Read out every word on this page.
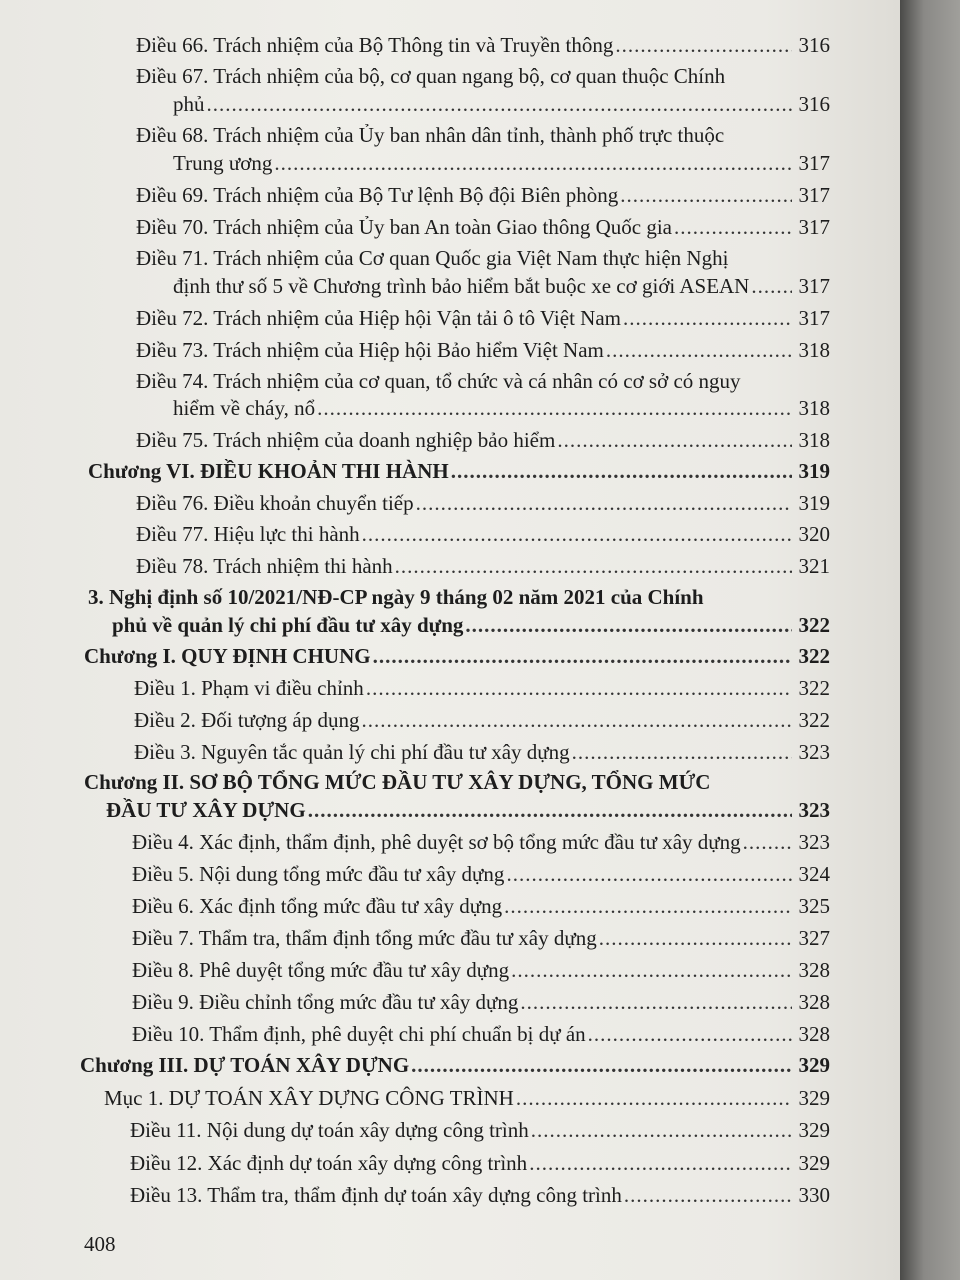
Điều 66. Trách nhiệm của Bộ Thông tin và Truyền thông .....	316
Điều 67. Trách nhiệm của bộ, cơ quan ngang bộ, cơ quan thuộc Chính
phủ .....	316
Điều 68. Trách nhiệm của Ủy ban nhân dân tỉnh, thành phố trực thuộc
Trung ương .....	317
Điều 69. Trách nhiệm của Bộ Tư lệnh Bộ đội Biên phòng .....	317
Điều 70. Trách nhiệm của Ủy ban An toàn Giao thông Quốc gia .....	317
Điều 71. Trách nhiệm của Cơ quan Quốc gia Việt Nam thực hiện Nghị
định thư số 5 về Chương trình bảo hiểm bắt buộc xe cơ giới ASEAN ..... 317
Điều 72. Trách nhiệm của Hiệp hội Vận tải ô tô Việt Nam .....	317
Điều 73. Trách nhiệm của Hiệp hội Bảo hiểm Việt Nam .....	318
Điều 74. Trách nhiệm của cơ quan, tổ chức và cá nhân có cơ sở có nguy
hiểm về cháy, nổ .....	318
Điều 75. Trách nhiệm của doanh nghiệp bảo hiểm .....	318
Chương VI. ĐIỀU KHOẢN THI HÀNH .....	319
Điều 76. Điều khoản chuyển tiếp .....	319
Điều 77. Hiệu lực thi hành .....	320
Điều 78. Trách nhiệm thi hành .....	321
3. Nghị định số 10/2021/NĐ-CP ngày 9 tháng 02 năm 2021 của Chính
phủ về quản lý chi phí đầu tư xây dựng .....	322
Chương I. QUY ĐỊNH CHUNG .....	322
Điều 1. Phạm vi điều chỉnh .....	322
Điều 2. Đối tượng áp dụng .....	322
Điều 3. Nguyên tắc quản lý chi phí đầu tư xây dựng .....	323
Chương II. SƠ BỘ TỔNG MỨC ĐẦU TƯ XÂY DỰNG, TỔNG MỨC
ĐẦU TƯ XÂY DỰNG .....	323
Điều 4. Xác định, thẩm định, phê duyệt sơ bộ tổng mức đầu tư xây dựng .....	323
Điều 5. Nội dung tổng mức đầu tư xây dựng .....	324
Điều 6. Xác định tổng mức đầu tư xây dựng .....	325
Điều 7. Thẩm tra, thẩm định tổng mức đầu tư xây dựng .....	327
Điều 8. Phê duyệt tổng mức đầu tư xây dựng .....	328
Điều 9. Điều chỉnh tổng mức đầu tư xây dựng .....	328
Điều 10. Thẩm định, phê duyệt chi phí chuẩn bị dự án .....	328
Chương III. DỰ TOÁN XÂY DỰNG .....	329
Mục 1. DỰ TOÁN XÂY DỰNG CÔNG TRÌNH .....	329
Điều 11. Nội dung dự toán xây dựng công trình .....	329
Điều 12. Xác định dự toán xây dựng công trình .....	329
Điều 13. Thẩm tra, thẩm định dự toán xây dựng công trình .....	330
408
